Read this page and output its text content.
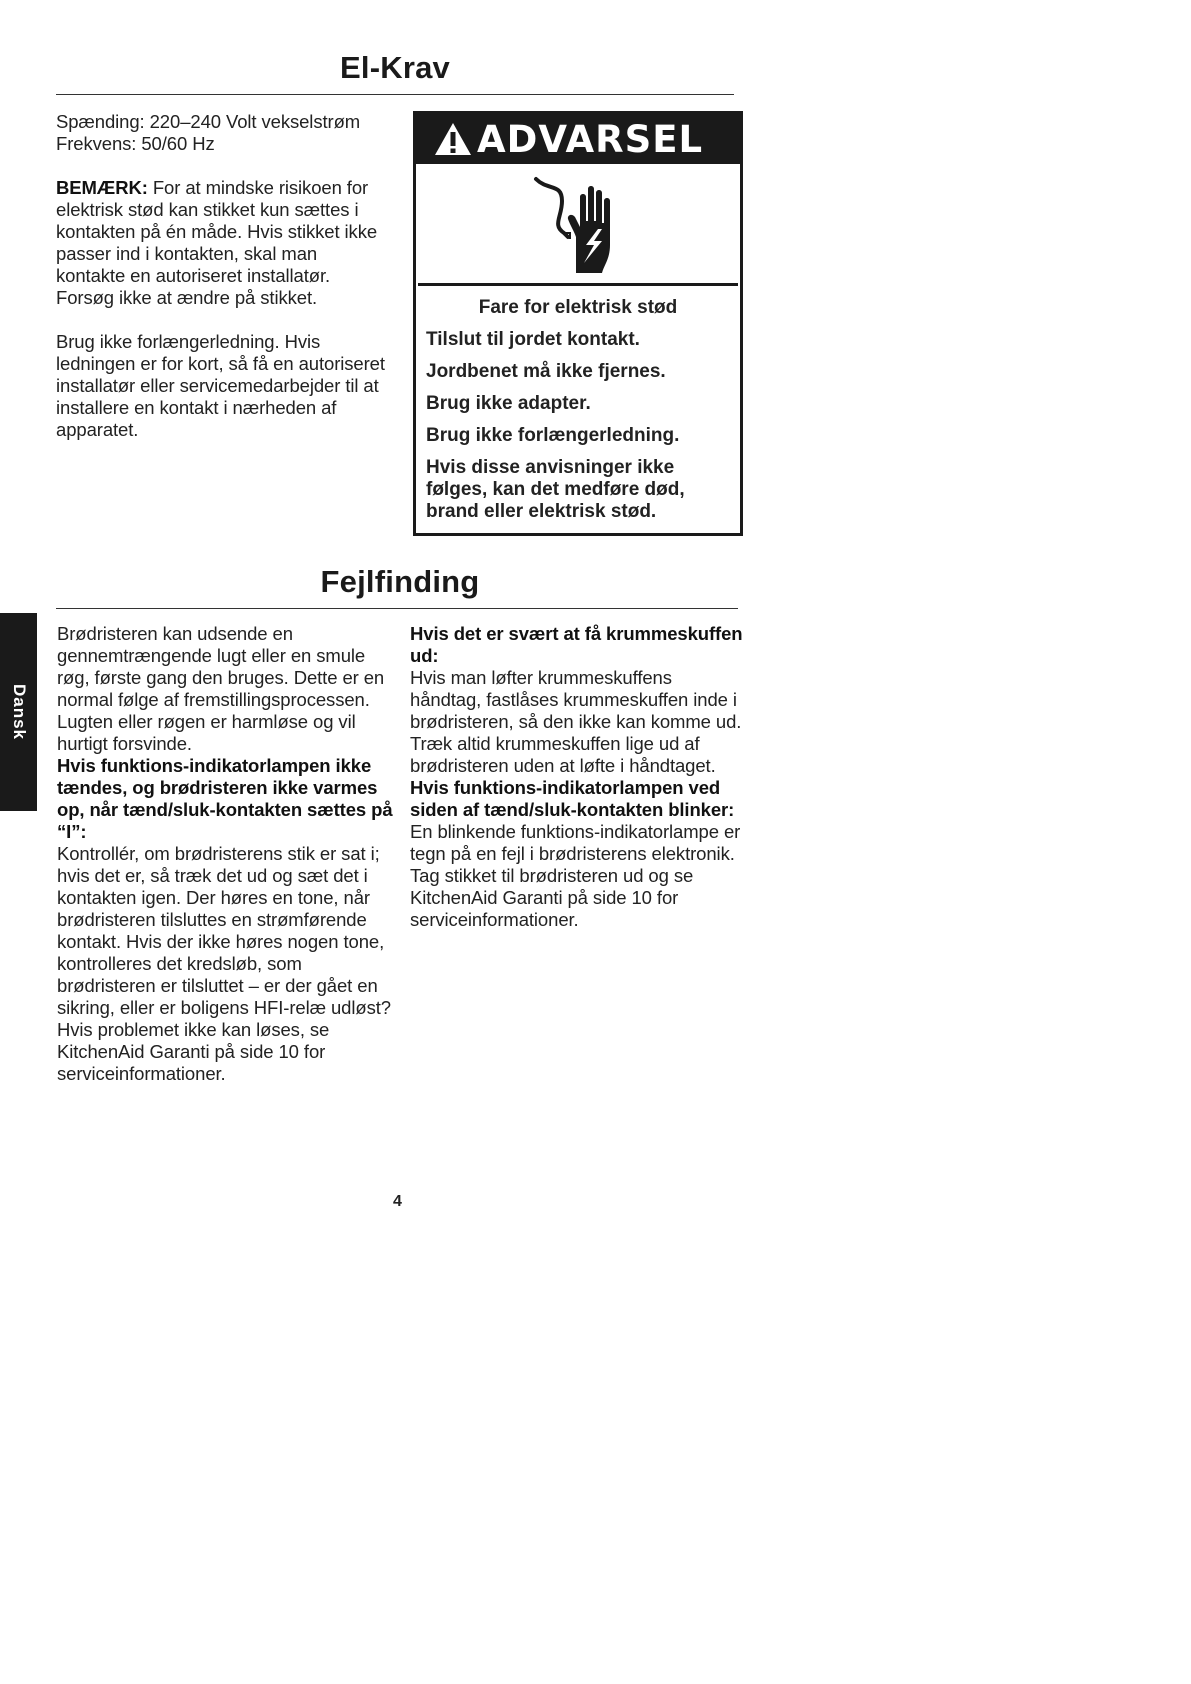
El-Krav

Spænding: 220–240 Volt vekselstrøm

Frekvens: 50/60 Hz

BEMÆRK: For at mindske risikoen for elektrisk stød kan stikket kun sættes i kontakten på én måde. Hvis stikket ikke passer ind i kontakten, skal man kontakte en autoriseret installatør. Forsøg ikke at ændre på stikket.

Brug ikke forlængerledning. Hvis ledningen er for kort, så få en autoriseret installatør eller servicemedarbejder til at installere en kontakt i nærheden af apparatet.

ADVARSEL
Fare for elektrisk stød
Tilslut til jordet kontakt.
Jordbenet må ikke fjernes.
Brug ikke adapter.
Brug ikke forlængerledning.
Hvis disse anvisninger ikke følges, kan det medføre død, brand eller elektrisk stød.
Fejlfinding
Dansk

Brødristeren kan udsende en gennemtrængende lugt eller en smule røg, første gang den bruges. Dette er en normal følge af fremstillingsprocessen. Lugten eller røgen er harmløse og vil hurtigt forsvinde.

Hvis funktions-indikatorlampen ikke tændes, og brødristeren ikke varmes op, når tænd/sluk-kontakten sættes på “I”:

Kontrollér, om brødristerens stik er sat i; hvis det er, så træk det ud og sæt det i kontakten igen. Der høres en tone, når brødristeren tilsluttes en strømførende kontakt. Hvis der ikke høres nogen tone, kontrolleres det kredsløb, som brødristeren er tilsluttet – er der gået en sikring, eller er boligens HFI-relæ udløst? Hvis problemet ikke kan løses, se KitchenAid Garanti på side 10 for serviceinformationer.

Hvis det er svært at få krummeskuffen ud:

Hvis man løfter krummeskuffens håndtag, fastlåses krummeskuffen inde i brødristeren, så den ikke kan komme ud. Træk altid krummeskuffen lige ud af brødristeren uden at løfte i håndtaget.

Hvis funktions-indikatorlampen ved siden af tænd/sluk-kontakten blinker:

En blinkende funktions-indikatorlampe er tegn på en fejl i brødristerens elektronik. Tag stikket til brødristeren ud og se KitchenAid Garanti på side 10 for serviceinformationer.

4
